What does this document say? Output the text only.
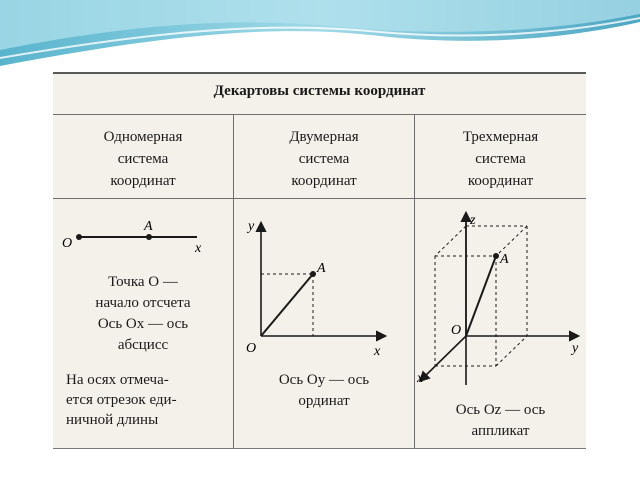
Декартовы системы координат
Одномерная
система
координат
Двумерная
система
координат
Трехмерная
система
координат
O
A
x
Точка O —
начало отсчета
Ось Ox — ось
абсцисс
На осях отмеча-
ется отрезок еди-
ничной длины
A
O	x
y
Ось Oy — ось
ординат
A
O
y
z
x
Ось Oz — ось
аппликат
